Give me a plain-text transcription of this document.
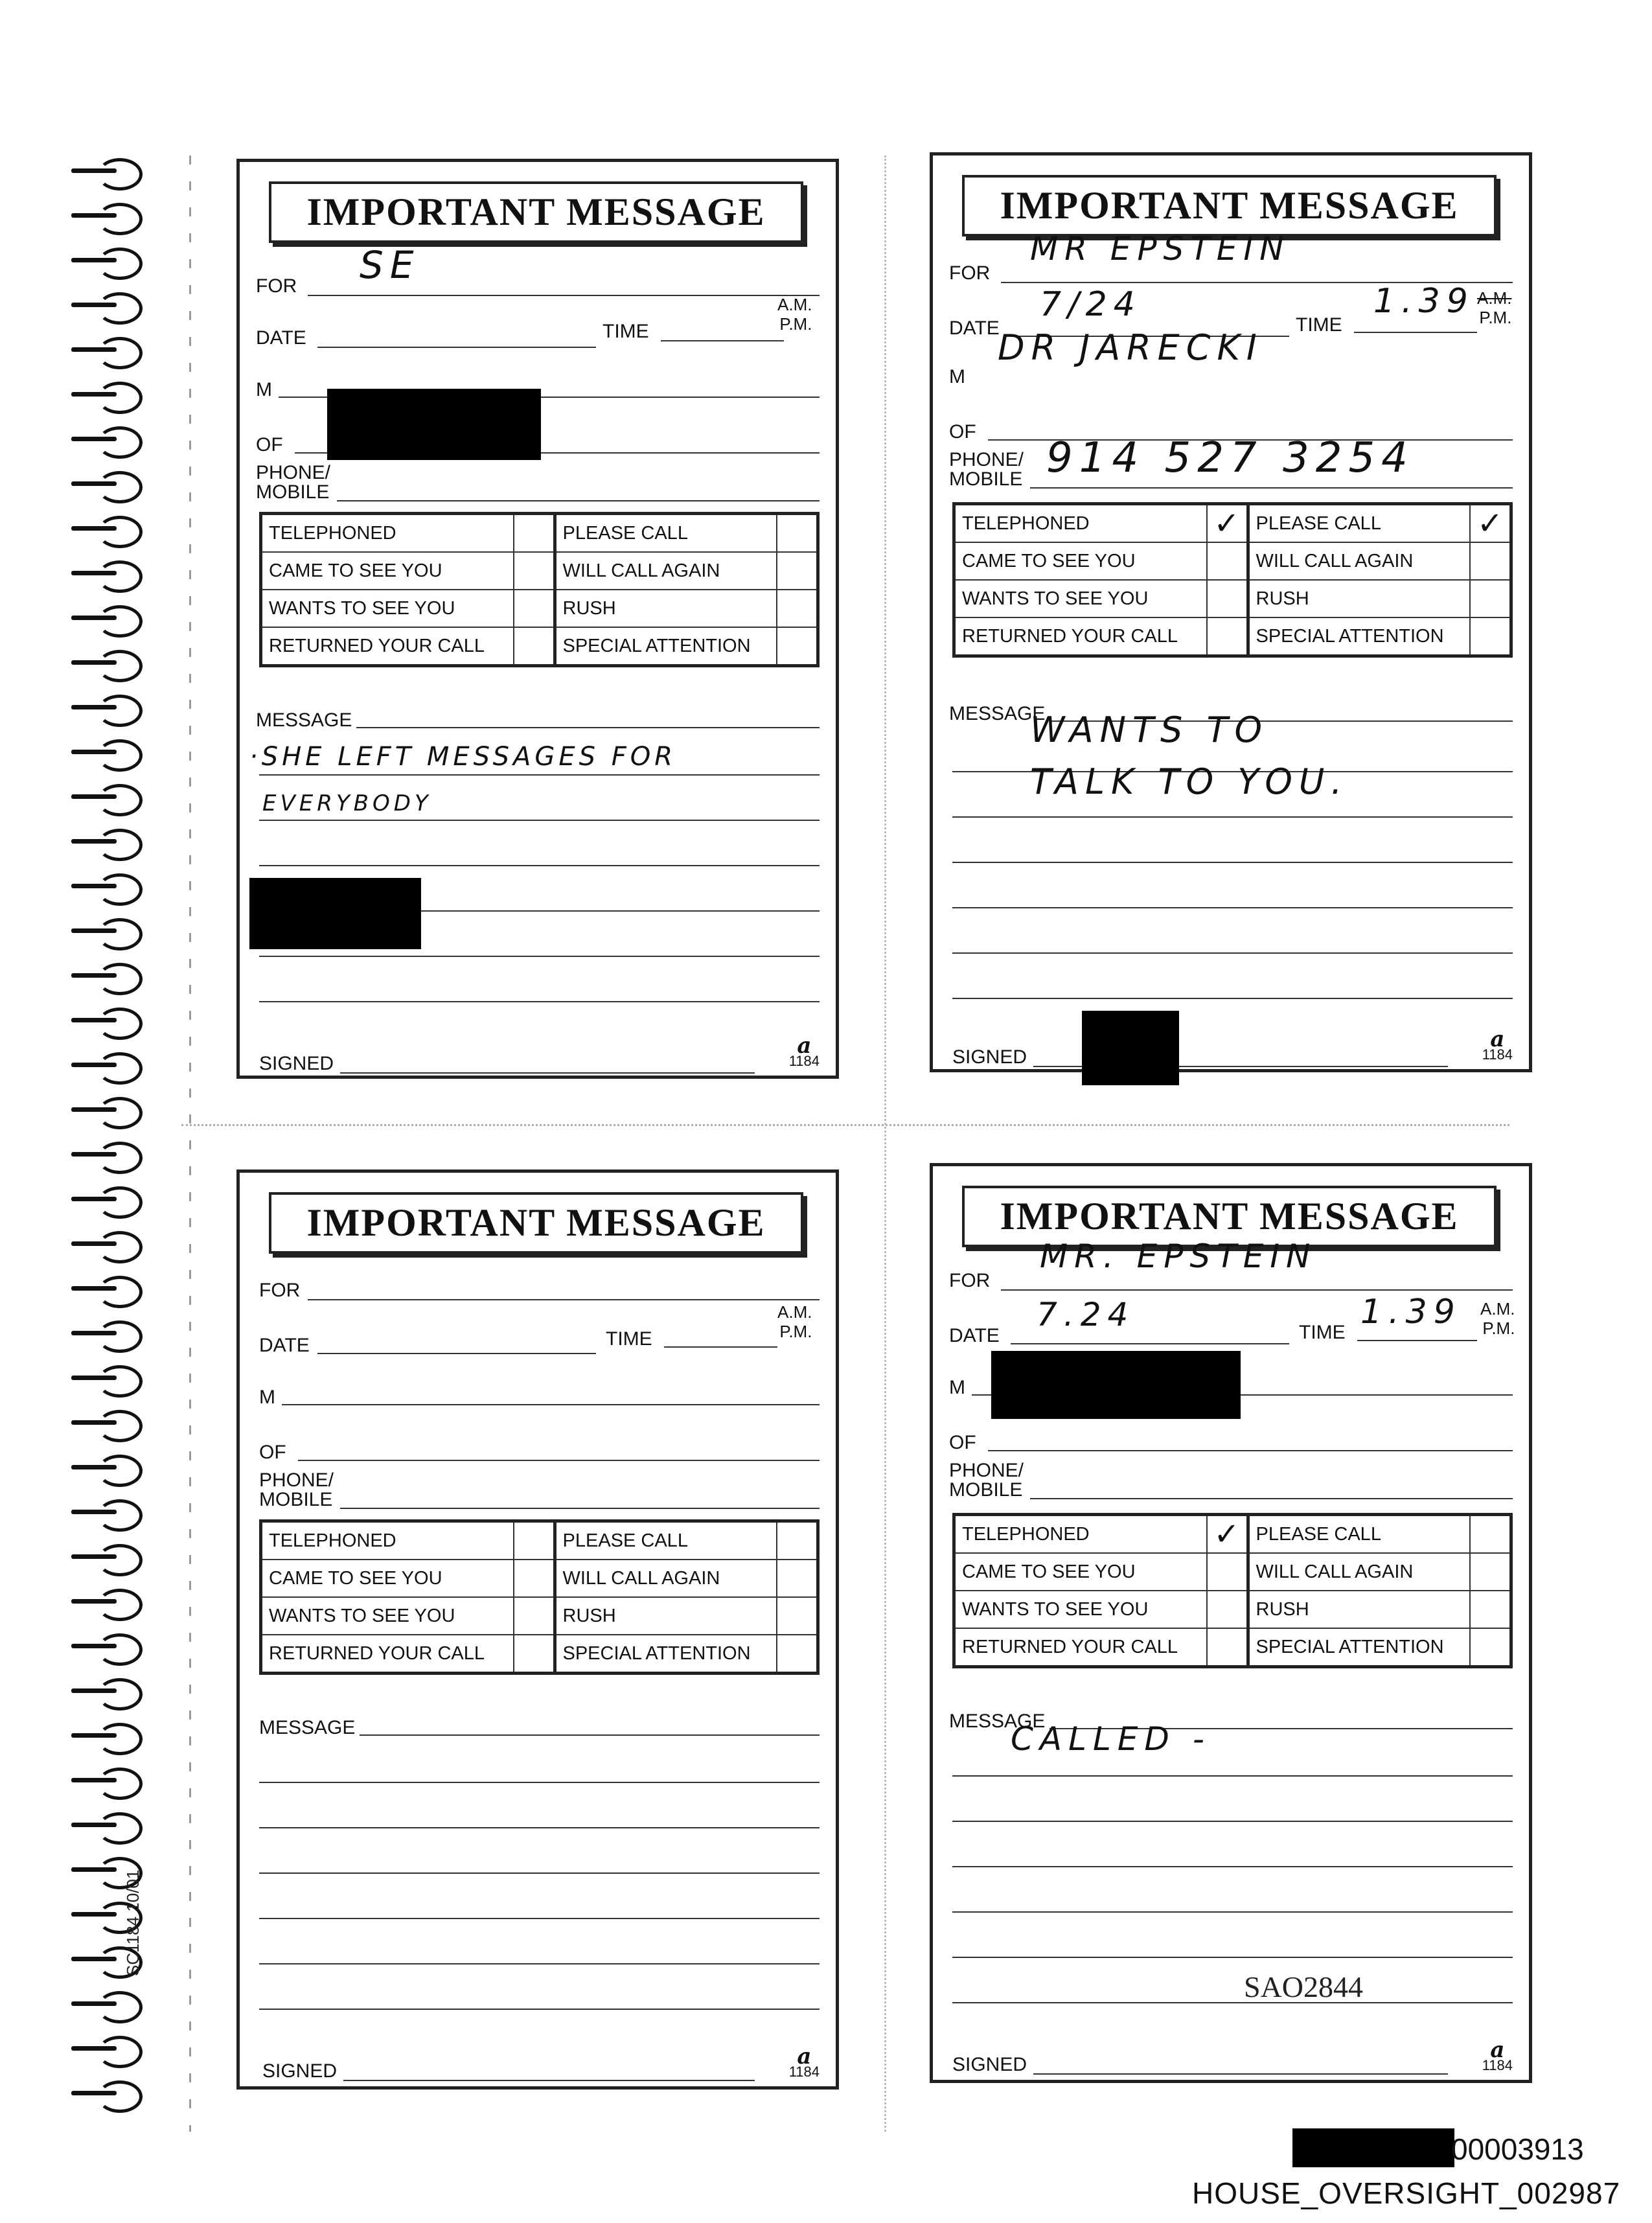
SC1184 10/01
IMPORTANT MESSAGE
FOR SE
DATE	TIME
A.M.
P.M.
M
OF
PHONE/
MOBILE
TELEPHONED		PLEASE CALL	
CAME TO SEE YOU		WILL CALL AGAIN	
WANTS TO SEE YOU		RUSH	
RETURNED YOUR CALL		SPECIAL ATTENTION	
MESSAGE
·SHE LEFT MESSAGES FOR
EVERYBODY
SIGNED
a
1184
IMPORTANT MESSAGE
FOR
MR EPSTEIN
DATE
7/24
TIME
1.39 A.M.
P.M.
M
DR JARECKI
OF
PHONE/
MOBILE 914 527 3254
TELEPHONED	✓	PLEASE CALL	✓
CAME TO SEE YOU		WILL CALL AGAIN	
WANTS TO SEE YOU		RUSH	
RETURNED YOUR CALL		SPECIAL ATTENTION	
MESSAGE
WANTS TO
TALK TO YOU.
SIGNED
a
1184
IMPORTANT MESSAGE
FOR
DATE	TIME
A.M.
P.M.
M
OF
PHONE/
MOBILE
TELEPHONED		PLEASE CALL	
CAME TO SEE YOU		WILL CALL AGAIN	
WANTS TO SEE YOU		RUSH	
RETURNED YOUR CALL		SPECIAL ATTENTION	
MESSAGE
SIGNED
a
1184
IMPORTANT MESSAGE
FOR
MR. EPSTEIN
DATE
7.24	TIME
1.39 A.M.
P.M.
M
OF
PHONE/
MOBILE
TELEPHONED	✓	PLEASE CALL	
CAME TO SEE YOU		WILL CALL AGAIN	
WANTS TO SEE YOU		RUSH	
RETURNED YOUR CALL		SPECIAL ATTENTION	
MESSAGE
CALLED -
SAO2844
SIGNED
a
1184
00003913
HOUSE_OVERSIGHT_002987
